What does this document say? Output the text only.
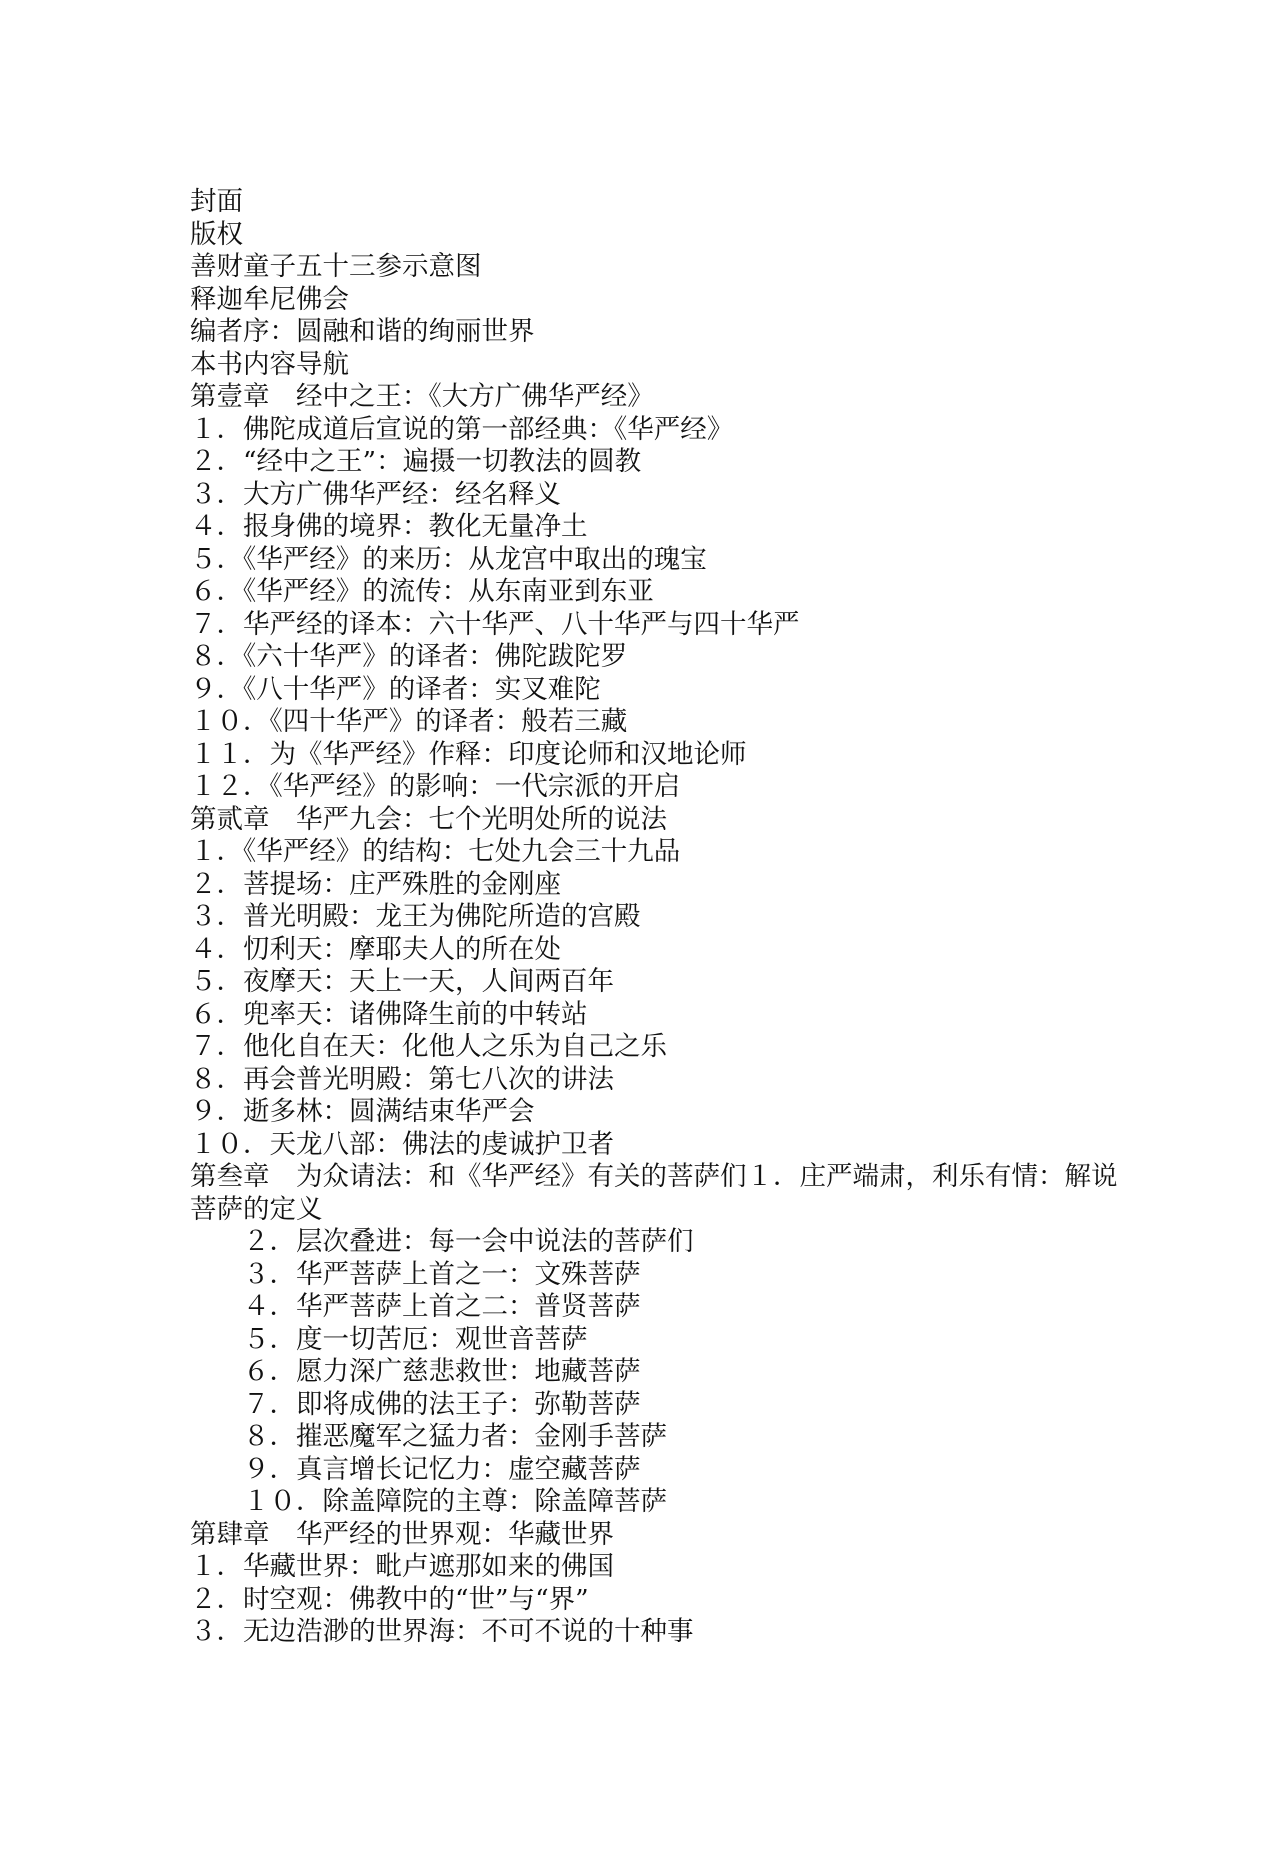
封面
版权
善财童子五十三参示意图
释迦牟尼佛会
编者序：圆融和谐的绚丽世界
本书内容导航
第壹章　经中之王：《大方广佛华严经》
１．佛陀成道后宣说的第一部经典：《华严经》
２．“经中之王”：遍摄一切教法的圆教
３．大方广佛华严经：经名释义
４．报身佛的境界：教化无量净土
５．《华严经》的来历：从龙宫中取出的瑰宝
６．《华严经》的流传：从东南亚到东亚
７．华严经的译本：六十华严、八十华严与四十华严
８．《六十华严》的译者：佛陀跋陀罗
９．《八十华严》的译者：实叉难陀
１０．《四十华严》的译者：般若三藏
１１．为《华严经》作释：印度论师和汉地论师
１２．《华严经》的影响：一代宗派的开启
第贰章　华严九会：七个光明处所的说法
１．《华严经》的结构：七处九会三十九品
２．菩提场：庄严殊胜的金刚座
３．普光明殿：龙王为佛陀所造的宫殿
４．忉利天：摩耶夫人的所在处
５．夜摩天：天上一天，人间两百年
６．兜率天：诸佛降生前的中转站
７．他化自在天：化他人之乐为自己之乐
８．再会普光明殿：第七八次的讲法
９．逝多林：圆满结束华严会
１０．天龙八部：佛法的虔诚护卫者
第叁章　为众请法：和《华严经》有关的菩萨们１．庄严端肃，利乐有情：解说菩萨的定义
２．层次叠进：每一会中说法的菩萨们
３．华严菩萨上首之一：文殊菩萨
４．华严菩萨上首之二：普贤菩萨
５．度一切苦厄：观世音菩萨
６．愿力深广慈悲救世：地藏菩萨
７．即将成佛的法王子：弥勒菩萨
８．摧恶魔军之猛力者：金刚手菩萨
９．真言增长记忆力：虚空藏菩萨
１０．除盖障院的主尊：除盖障菩萨
第肆章　华严经的世界观：华藏世界
１．华藏世界：毗卢遮那如来的佛国
２．时空观：佛教中的“世”与“界”
３．无边浩渺的世界海：不可不说的十种事
